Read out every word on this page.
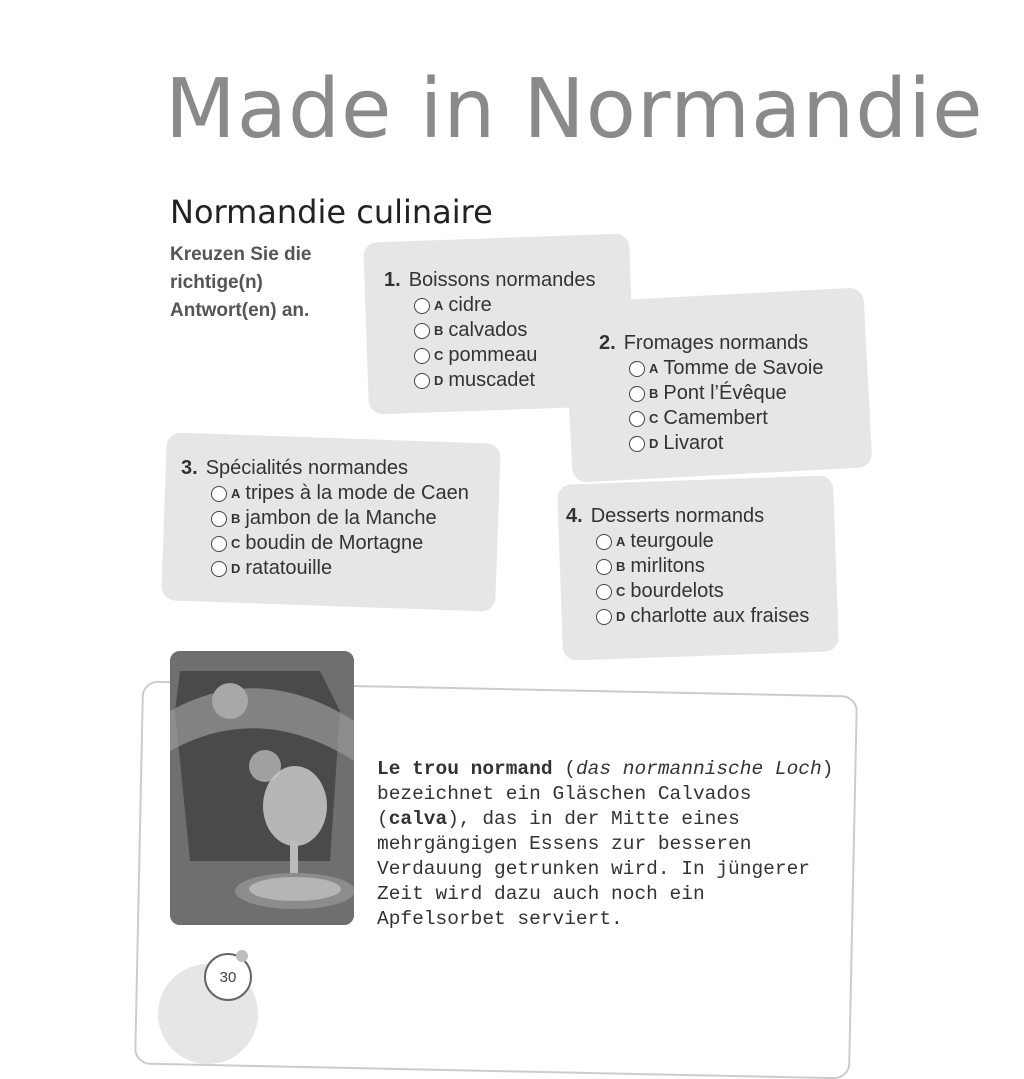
Made in Normandie
Normandie culinaire
Kreuzen Sie die
richtige(n)
Antwort(en) an.
1. Boissons normandes
A cidre
B calvados
C pommeau
D muscadet
2. Fromages normands
A Tomme de Savoie
B Pont l’Évêque
C Camembert
D Livarot
3. Spécialités normandes
A tripes à la mode de Caen
B jambon de la Manche
C boudin de Mortagne
D ratatouille
4. Desserts normands
A teurgoule
B mirlitons
C bourdelots
D charlotte aux fraises
Le trou normand (das normannische Loch) bezeichnet ein Gläschen Calvados (calva), das in der Mitte eines mehrgängigen Essens zur besseren Verdauung getrunken wird. In jüngerer Zeit wird dazu auch noch ein Apfelsorbet serviert.
30
